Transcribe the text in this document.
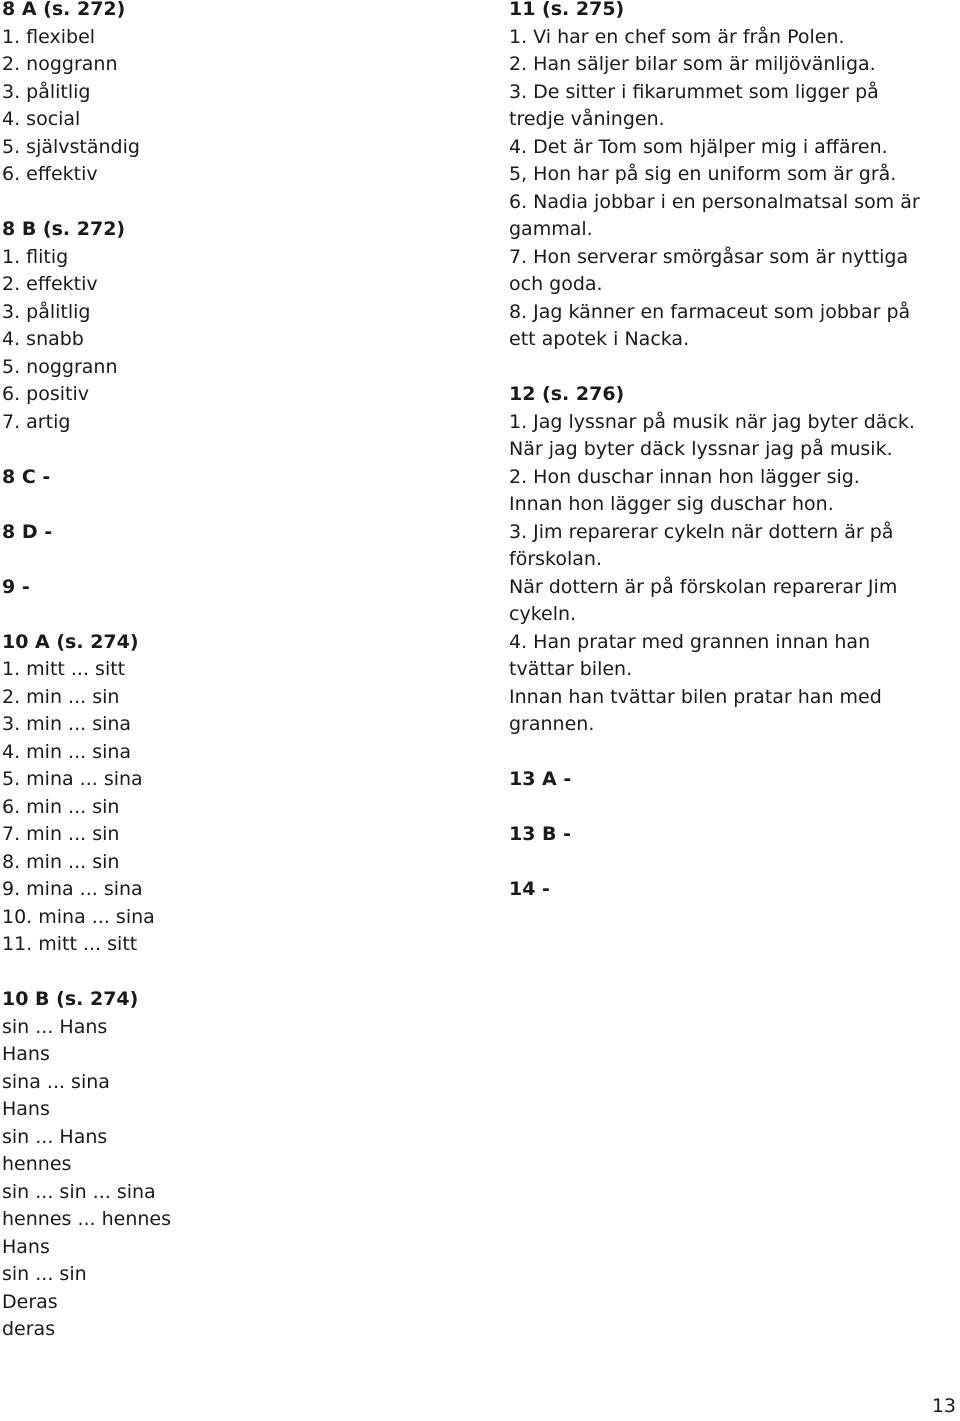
8 A (s. 272)
1. flexibel
2. noggrann
3. pålitlig
4. social
5. självständig
6. effektiv
8 B (s. 272)
1. flitig
2. effektiv
3. pålitlig
4. snabb
5. noggrann
6. positiv
7. artig
8 C -
8 D -
9 -
10 A (s. 274)
1. mitt ... sitt
2. min ... sin
3. min ... sina
4. min ... sina
5. mina ... sina
6. min ... sin
7. min ... sin
8. min ... sin
9. mina ... sina
10. mina ... sina
11. mitt ... sitt
11 (s. 275)
1. Vi har en chef som är från Polen.
2. Han säljer bilar som är miljövänliga.
3. De sitter i fikarummet som ligger på
tredje våningen.
4. Det är Tom som hjälper mig i affären.
5, Hon har på sig en uniform som är grå.
6. Nadia jobbar i en personalmatsal som är
gammal.
7. Hon serverar smörgåsar som är nyttiga
och goda.
8. Jag känner en farmaceut som jobbar på
ett apotek i Nacka.
12 (s. 276)
1. Jag lyssnar på musik när jag byter däck.
När jag byter däck lyssnar jag på musik.
2. Hon duschar innan hon lägger sig.
Innan hon lägger sig duschar hon.
3. Jim reparerar cykeln när dottern är på
förskolan.
När dottern är på förskolan reparerar Jim
cykeln.
4. Han pratar med grannen innan han
tvättar bilen.
Innan han tvättar bilen pratar han med
grannen.
13 A -
13 B -
14 -
10 B (s. 274)
sin ... Hans
Hans
sina ... sina
Hans
sin ... Hans
hennes
sin ... sin ... sina
hennes ... hennes
Hans
sin ... sin
Deras
deras
13
